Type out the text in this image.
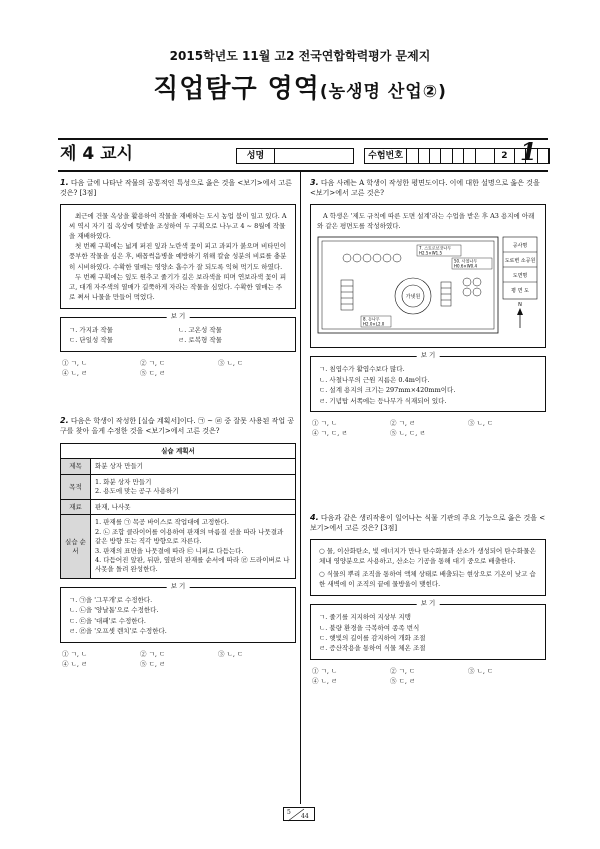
2015학년도 11월 고2 전국연합학력평가 문제지
직업탐구 영역(농생명 산업②)
제 4 교시	성명	수험번호	2 1
1. 다음 글에 나타난 작물의 공통적인 특성으로 옳은 것을 <보기>에서 고른 것은? [3점]

최근에 건물 옥상을 활용하여 작물을 재배하는 도시 농업 붐이 일고 있다. A 씨 역시 자기 집 옥상에 텃밭을 조성하여 두 구획으로 나누고 4 ~ 8월에 작물을 재배하였다.

첫 번째 구획에는 넓게 퍼진 잎과 노란색 꽃이 피고 과피가 붉으며 비타민이 풍부한 작물을 심은 후, 배꼽썩음병을 예방하기 위해 칼슘 성분의 비료를 충분히 시비하였다. 수확한 열매는 영양소 흡수가 잘 되도록 익혀 먹기도 하였다.

두 번째 구획에는 잎도 원추고 줄기가 길은 보라색을 띠며 연보라색 꽃이 피고, 대개 자주색의 열매가 길쭉하게 자라는 작물을 심었다. 수확한 열매는 주로 쪄서 나물을 만들어 먹었다.

보 기
ㄱ. 가지과 작물	ㄴ. 고온성 작물
ㄷ. 단일성 작물	ㄹ. 로복형 작물
① ㄱ, ㄴ	② ㄱ, ㄷ	③ ㄴ, ㄷ
④ ㄴ, ㄹ	⑤ ㄷ, ㄹ
2. 다음은 학생이 작성한 [실습 계획서]이다. ㉠ ~ ㉣ 중 잘못 사용된 작업 공구를 찾아 올게 수정한 것을 <보기>에서 고른 것은?
실습 계획서	
제목	화분 상자 만들기
목적	1. 화분 상자 만들기
2. 용도에 맞는 공구 사용하기

재료	판재, 나사못
실습 순서	1. 판재를 ㉠ 목공 바이스로 작업대에 고정한다.
2. ㉡ 조합 클라이어를 이용하여 판재의 마름질 선을 따라 나뭇결과 같은 방향 또는 직각 방향으로 자른다.
3. 판재의 표면을 나뭇결에 따라 ㉢ 니퍼로 다듬는다.
4. 다듬어진 앞판, 뒤판, 옆판의 판재를 순서에 따라 ㉣ 드라이버로 나사못을 돌려 완성한다.
보 기
ㄱ. ㉠을 '그무개'로 수정한다.
ㄴ. ㉡을 '양날톱'으로 수정한다.
ㄷ. ㉢을 '대패'로 수정한다.
ㄹ. ㉣을 '오프셋 렌치'로 수정한다.
① ㄱ, ㄴ	② ㄱ, ㄷ	③ ㄴ, ㄷ
④ ㄴ, ㄹ	⑤ ㄷ, ㄹ
3. 다음 사례는 A 학생이 작성한 평면도이다. 이에 대한 설명으로 옳은 것을 <보기>에서 고른 것은?

A 학생은 '제도 규칙에 따른 도면 설계'라는 수업을 받은 후 A3 용지에 아래와 같은 평면도를 작성하였다.

공사명
도로변 소공원
도면명
평 면 도
N
7. 스트로브잣나무
H2.5×W1.5
50. 사철나무
H0.6×W0.4
가넷원
8. 동나무
H2.0×L2.0
보 기
ㄱ. 침엽수가 활엽수보다 많다.
ㄴ. 사철나무의 근원 지름은 0.4m이다.
ㄷ. 설계 용지의 크기는 297mm×420mm이다.
ㄹ. 기념탑 서쪽에는 등나무가 식재되어 있다.
① ㄱ, ㄴ	② ㄱ, ㄹ	③ ㄴ, ㄷ
④ ㄱ, ㄷ, ㄹ	⑤ ㄴ, ㄷ, ㄹ
4. 다음과 같은 생리작용이 일어나는 식물 기관의 주요 기능으로 옳은 것을 <보기>에서 고른 것은? [3점]
○ 물, 이산화탄소, 빛 에너지가 만나 탄수화물과 산소가 생성되어 탄수화물은 체내 영양분으로 사용하고, 산소는 기공을 통해 대기 중으로 배출한다.
○ 식물의 뿌리 조직을 통하여 액체 상태로 배출되는 현상으로 기온이 낮고 습한 새벽에 이 조직의 끝에 물방울이 맺힌다.
보 기
ㄱ. 줄기를 지지하여 지상부 지탱
ㄴ. 불량 환경을 극복하여 종족 번식
ㄷ. 햇빛의 길이를 감지하여 개화 조절
ㄹ. 증산작용을 통하여 식물 체온 조절
① ㄱ, ㄴ	② ㄱ, ㄷ	③ ㄴ, ㄷ
④ ㄴ, ㄹ	⑤ ㄷ, ㄹ
5
44
